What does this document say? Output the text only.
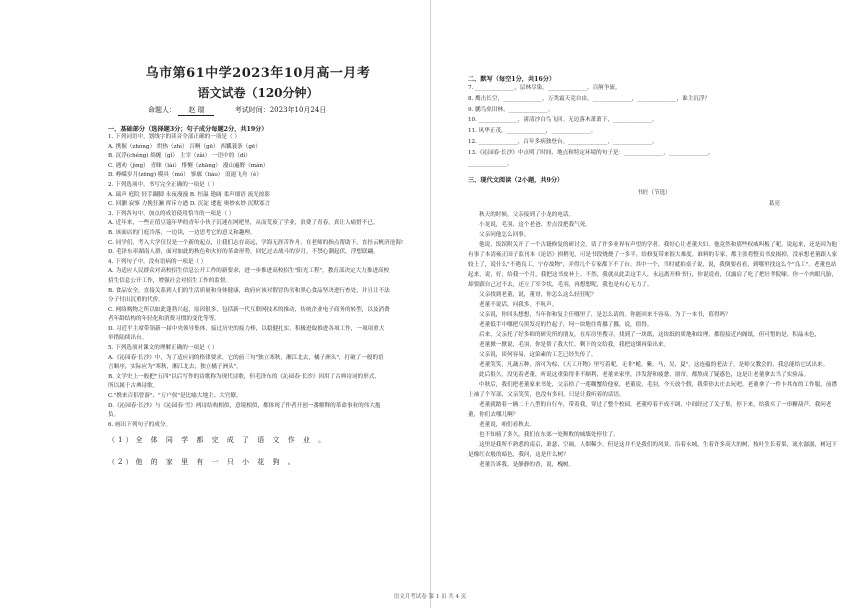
乌市第61中学2023年10月高一月考
语文试卷（120分钟）
命题人： 赵 瑞	考试时间：2023年10月24日
一、基础部分（选择题3分；句子成分每题2分，共19分）
1. 下列词语中，划线字的读音全部正确的一项是（ ）
A. 携握（zhóng） 烘热（zhì） 百啊（gē） 西瓤蓑条（gē）
B. 沉浮(chéng) 绵缠（gǐ） 主宰（zǎi） 一语中的（dì）
C. 遇劝（jìng） 青睐（lài） 悱恻（zhāng） 漫山遍野（mán）
D. 峥嵘岁月(zēng) 模具（mó） 寥廓（liáo） 浪遏飞舟（è）
2. 下列选项中，书写完全正确的一项是（ ）
A. 瑞声 庭院 轻手蹑脚 永夜漫漫 B. 恒温 遨阔 柔声细语 流光掠影
C. 回瀏 寂寥 力挽狂澜 挥斥方遒 D. 沉淀 逶迤 奥妙玄妙 沉默寡言
3. 下列各句中，加点的成语使用恰当的一项是（ ）
A. 近年来，一些正值豆蔻年华的青年小伙子沉迷在网吧里，从而荒废了学业，浪费了青春，真让人痛惜不已。
B. 该面店的门庭冷落，一边读，一边思考它的意义和趣理。
C. 同学们，考入大学仅仅是一个新的起点，让我们志存高远，学海无涯苦作舟，在老师的指点帮助下，直挂云帆济沧海!
D. 毛泽东率湖南人群，面对如此的秋色和火好的革命形势，回忆过去战斗的岁月，不禁心潮起伏，浮想联翩。
4. 下列句子中，没有语病的一项是（ ）
A. 为适应人民群众对高校招生信息公开工作的新要求，进一步推进高校招生"阳光工程"，教育部决定大力推进高校
招生信息公开工作，增强社会对招生工作的监督。
B. 食品安全，直接关系到人们的生活质量和身体健康，政府应该对假冒伪劣和黑心食品坚决进行查处，并且让不法
分子付出沉重的代价。
C. 网络购物之所以如此蓬勃兴起，原因很多，包括新一代互联网技术的推动，传统企业电子商务的转型，以及消费
者年龄结构的年轻化和消费习惯的变化等等。
D. 习近平主席带领新一届中央领导集体，接过历史的接力棒，以稳健扎实、积极进取推进各项工作，一项项重大
举措陆续出台。
5. 下列选项对课文的理解正确的一项是（ ）
A.《沁园春·长沙》中，为了适应词的格律要求，它的前三句"独立寒秋，湘江北去，橘子洲头"，打破了一般的语
言顺序，实际应为"寒秋，湘江北去，独立橘子洲头"。
B. 文学史上一般把"五四"以后写作的诗歌称为现代诗歌，但毛泽东的《沁园春·长沙》因用了古典诗词的形式，
所以属于古典诗歌。
C."携来百侣曾游"、"万户侯"是比喻大地主、大官僚。
D.《沁园春·长沙》与《沁园春·雪》两诗结构相似，意境相似，都体现了作者开创一番解释的革命事业的伟大抱
负。
6. 画出下列句子的成分。
（1）全 体 同 学 都 完 成 了 语 文 作 业 。
（2）他 的 家 里 有 一 只 小 花 狗 。
二、默写（每空1分，共16分）
7. ______________，层林尽染。______________，百舸争流。
8. 鹰击长空，______________，万类霜天竞自由。______________，______________，谁主沉浮？
9. 鹏鸟垒旧林，______________。
10. ______________，渚清沙白鸟飞回。无边落木萧萧下，______________。
11. 风华正茂，______________，______________。
12. ______________，百年多病独登台。______________，______________。
13.《沁园春·长沙》中点明了时间、地点和特定环境的句子是：______________，______________，
______________。
三、现代文阅读（2小题，共9分）
书匠（节选）
葛亮

秋天的时候，父亲接到了小龙的电话。

小龙说，毛羽，这个老爸，差点没把我气死。

父亲问他怎么回事。

他说，饭馆附关开了一个古籍修复的研讨会，请了许多业界有声望的学者。我好心让老董夫妇，他竟然和那些权威叫板了呢。说起来，还是因为他有事了本清雍正国子监刊本《论语》损稍见，可是书段烧烧了一多半，给修复带来很大难度。谁料的专家，都主张将整页书皮揭掉，没承想老董跟人家较上了，说什么"不遇良工，宁存故物"，弄得几个专家都下不了台。其中一个，当时就拍桌子说，说，我倒要看看，到哪里找这么个"良工"。老董也站起来，说，好，给我一个月，我把这书皮补上。不然，我就从此丢这手人，永远离开修书行，你说说看，仅露肩了吃了把壮孝院嗦。你一个肉眼凡胎，却要跟自己过不去，还立了军令状，毛羽，再想想呢，我也是有心无力了。

父亲找到老董，说，董哥，你怎么这么轻狂呢？

老董不说话，问我多，不吭声。

父亲说，你回头想想，当年你和复主任哪里了，是怎么请的。你能回来不容易，为了一本书，值得吗？

老董低手中哪把乌黑发亮的竹起子，坷一块地往将挪了挪，说，值得。

后来，父亲托了好多师的研究所的朋友，在库房里搜寻，找到了一块纸，这块纸的质地和纹理，都很接近内阁纸，但可惜的是，积晶未色，

老董掀一掀说，毛羽，你是帮了我大忙，剩下的交给我。我把这烟再染出来。

父亲说，谈何容易，这染素的工艺已经失传了。

老董笑笑，凡蔬五种，溶可为棕，《天工开物》里写着呢，无非"栀，紫，马，吴，夏"，这连蕴的老法子，是师父教会的，我总能给它试出来。

此后很久，没见着老董，听说这重染得非不顺利，老董来家里，涉发舒和疲惫，窗帘，都熬成了疑惑色，这是让老董拿去当了实验品。

中秋后，我们把老董家来书处，父亲拾了一莲糊蟹给他家，老董说，毛羽，今天放个假，我带你去庄去玩吧。老董拿了一件卡其布的工作服，前襟上袖了个军部，父亲笑笑，也没有多问，只是让我听着的话语。

老董就踏着一辆二十八型的自行车，带着我，穿过了整个校园，老董哼着不成不调，中间经过了关子集，停下来，给我买了一串糖葫芦，我问老董，你们去哪儿啊？

老董说，咱们看秋去。

也不知骑了多久，我们在东郊一处颓败的城墙处停住了。

这里是我所不熟悉的南京，萧瑟，空阔，人烟稀少。但是这并不是我们的风景。沿着永城，生着许多高大的树，枝叶生长着果，流水潺潺，树冠下是像红衣般的暗色，我问，这是什么树？

老董告诉我，是静静的香，说，槐树。

语文月考试卷 第 1 页 共 4 页
